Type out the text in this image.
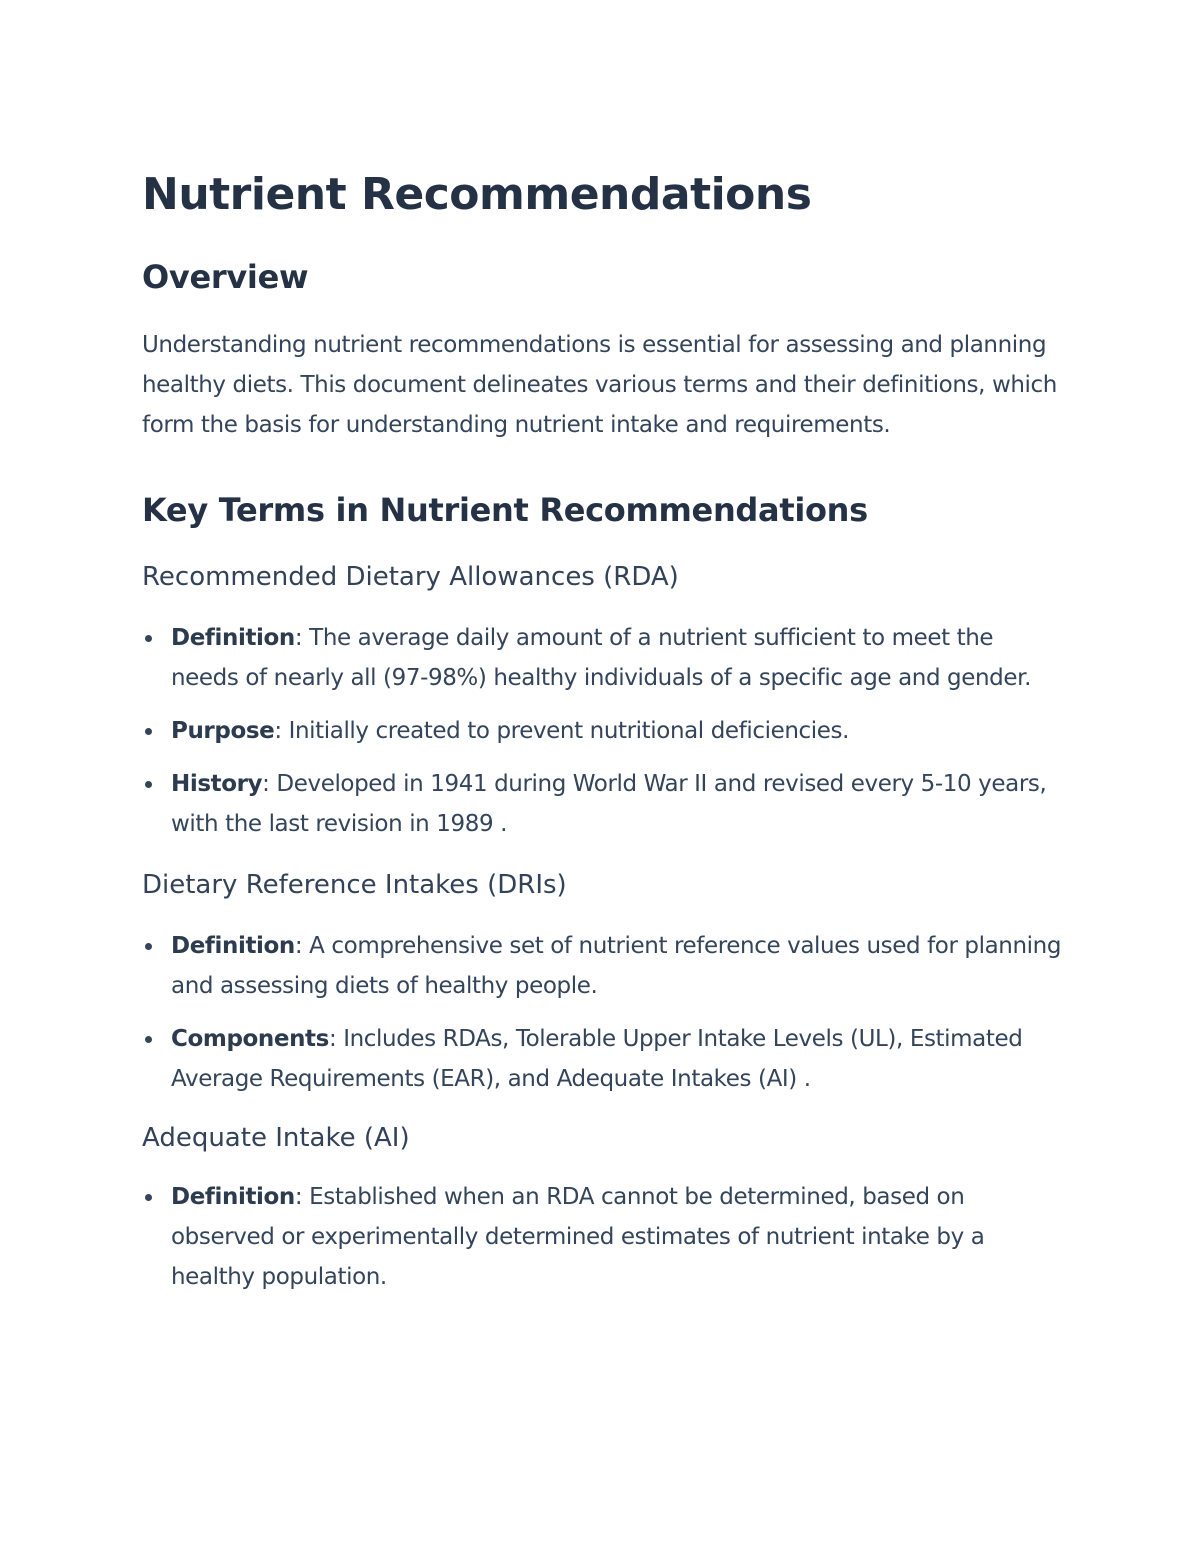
Nutrient Recommendations
Overview

Understanding nutrient recommendations is essential for assessing and planning healthy diets. This document delineates various terms and their definitions, which form the basis for understanding nutrient intake and requirements.

Key Terms in Nutrient Recommendations
Recommended Dietary Allowances (RDA)
Definition: The average daily amount of a nutrient sufficient to meet the needs of nearly all (97-98%) healthy individuals of a specific age and gender.
Purpose: Initially created to prevent nutritional deficiencies.
History: Developed in 1941 during World War II and revised every 5-10 years, with the last revision in 1989 .
Dietary Reference Intakes (DRIs)
Definition: A comprehensive set of nutrient reference values used for planning and assessing diets of healthy people.
Components: Includes RDAs, Tolerable Upper Intake Levels (UL), Estimated Average Requirements (EAR), and Adequate Intakes (AI) .
Adequate Intake (AI)
Definition: Established when an RDA cannot be determined, based on observed or experimentally determined estimates of nutrient intake by a healthy population.
